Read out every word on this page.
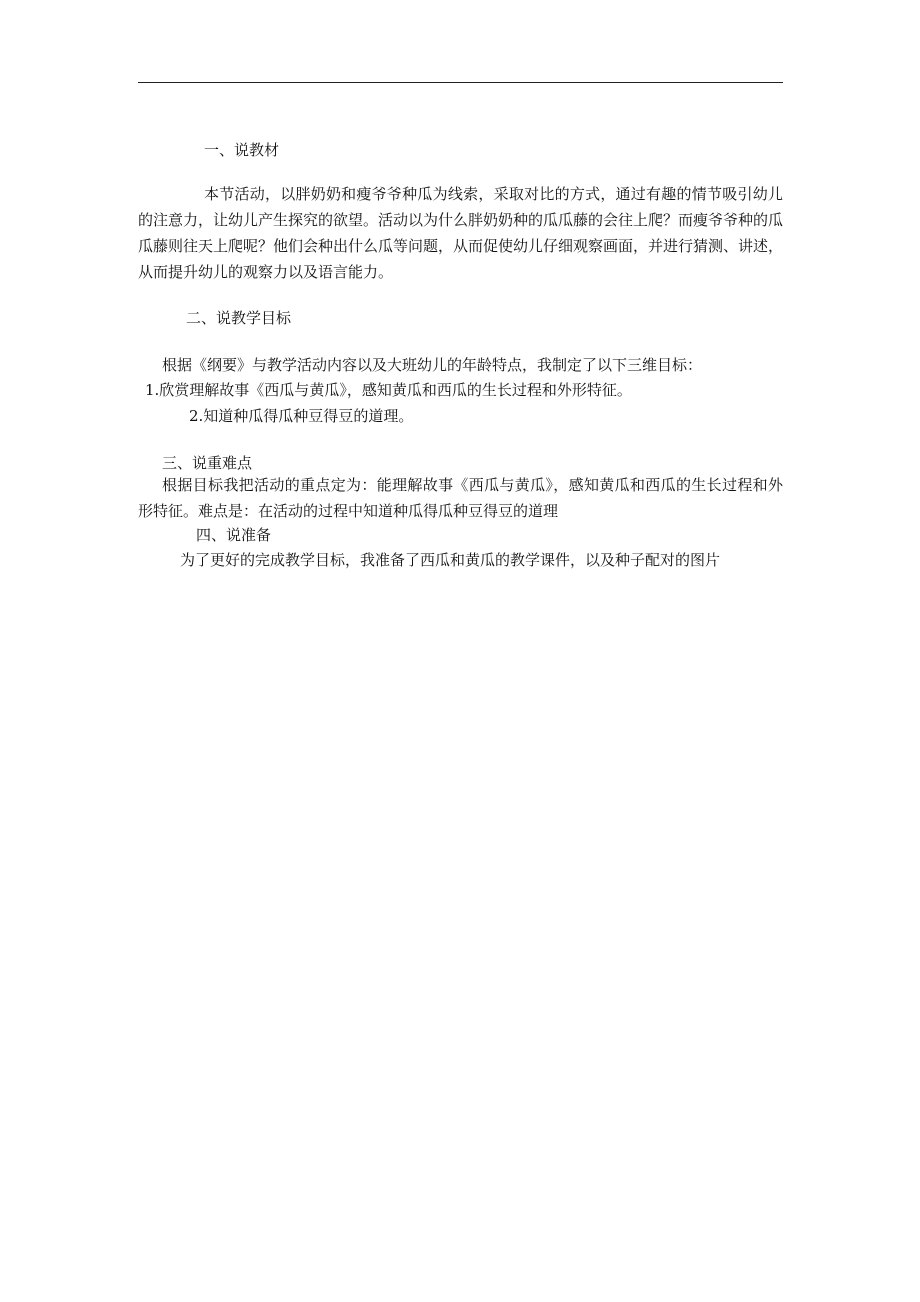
一、说教材
本节活动，以胖奶奶和瘦爷爷种瓜为线索，采取对比的方式，通过有趣的情节吸引幼儿的注意力，让幼儿产生探究的欲望。活动以为什么胖奶奶种的瓜瓜藤的会往上爬？而瘦爷爷种的瓜瓜藤则往天上爬呢？他们会种出什么瓜等问题，从而促使幼儿仔细观察画面，并进行猜测、讲述，从而提升幼儿的观察力以及语言能力。
二、说教学目标
根据《纲要》与教学活动内容以及大班幼儿的年龄特点，我制定了以下三维目标：
1.欣赏理解故事《西瓜与黄瓜》，感知黄瓜和西瓜的生长过程和外形特征。
2.知道种瓜得瓜种豆得豆的道理。
三、说重难点
根据目标我把活动的重点定为：能理解故事《西瓜与黄瓜》，感知黄瓜和西瓜的生长过程和外形特征。难点是：在活动的过程中知道种瓜得瓜种豆得豆的道理
四、说准备
为了更好的完成教学目标，我准备了西瓜和黄瓜的教学课件，以及种子配对的图片
